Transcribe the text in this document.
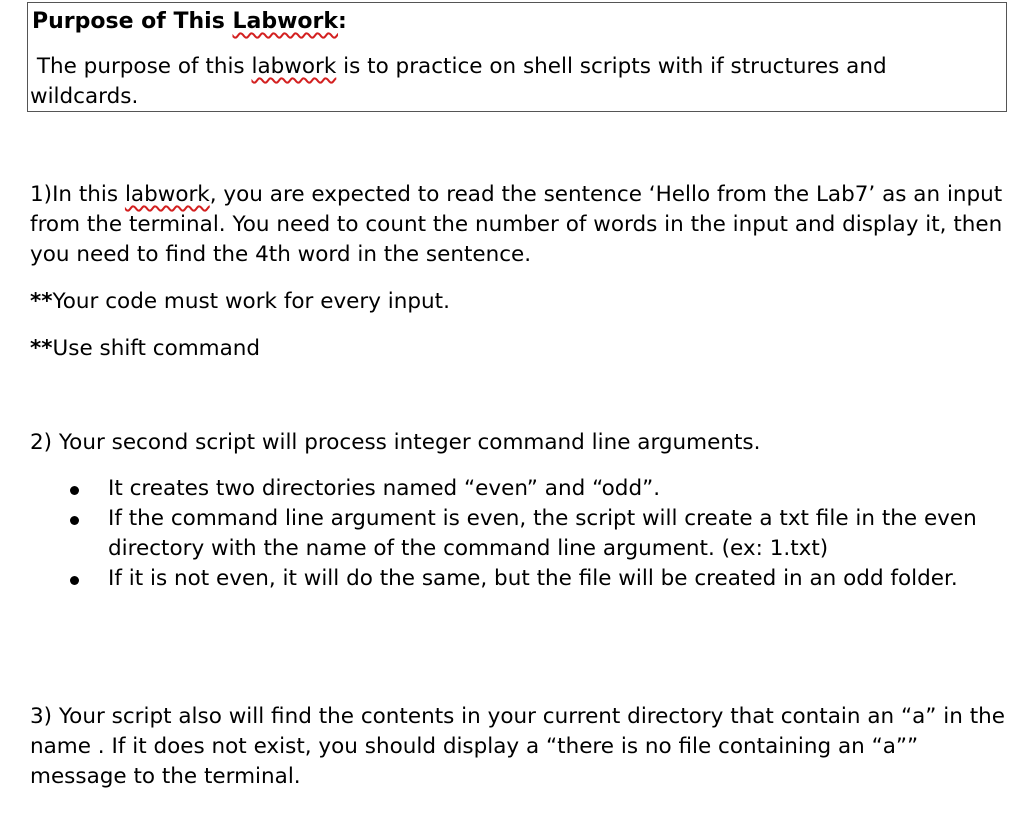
Purpose of This Labwork:
The purpose of this labwork is to practice on shell scripts with if structures and wildcards.
1)In this labwork, you are expected to read the sentence ‘Hello from the Lab7’ as an input from the terminal. You need to count the number of words in the input and display it, then you need to find the 4th word in the sentence.
**Your code must work for every input.
**Use shift command
2) Your second script will process integer command line arguments.
It creates two directories named “even” and “odd”.
If the command line argument is even, the script will create a txt file in the even directory with the name of the command line argument. (ex: 1.txt)
If it is not even, it will do the same, but the file will be created in an odd folder.
3) Your script also will find the contents in your current directory that contain an “a” in the name . If it does not exist, you should display a “there is no file containing an “a”” message to the terminal.
